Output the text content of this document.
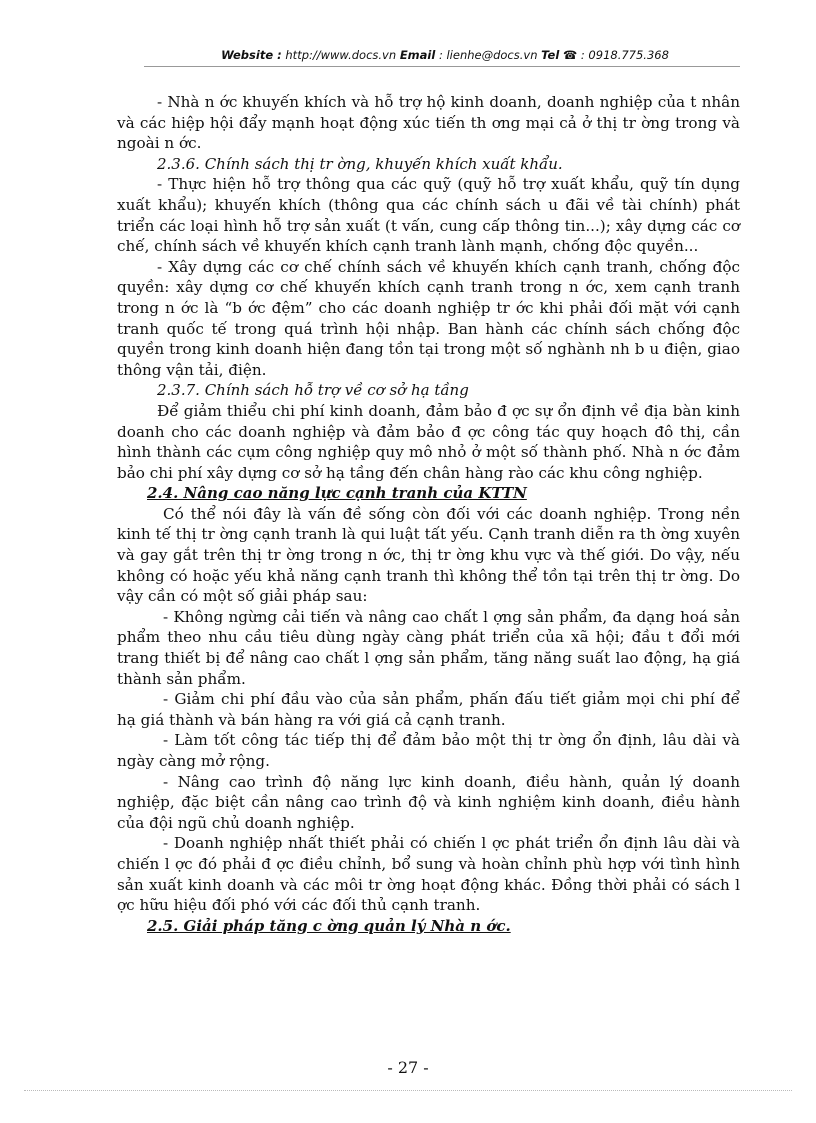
Website : http://www.docs.vn Email : lienhe@docs.vn Tel ☎ : 0918.775.368

- Nhà n ớc khuyến khích và hỗ trợ hộ kinh doanh, doanh nghiệp của t nhân và các hiệp hội đẩy mạnh hoạt động xúc tiến th ơng mại cả ở thị tr ờng trong và ngoài n ớc.

2.3.6. Chính sách thị tr ờng, khuyến khích xuất khẩu.

- Thực hiện hỗ trợ thông qua các quỹ (quỹ hỗ trợ xuất khẩu, quỹ tín dụng xuất khẩu); khuyến khích (thông qua các chính sách u đãi về tài chính) phát triển các loại hình hỗ trợ sản xuất (t vấn, cung cấp thông tin...); xây dựng các cơ chế, chính sách về khuyến khích cạnh tranh lành mạnh, chống độc quyền...

- Xây dựng các cơ chế chính sách về khuyến khích cạnh tranh, chống độc quyền: xây dựng cơ chế khuyến khích cạnh tranh trong n ớc, xem cạnh tranh trong n ớc là “b ớc đệm” cho các doanh nghiệp tr ớc khi phải đối mặt với cạnh tranh quốc tế trong quá trình hội nhập. Ban hành các chính sách chống độc quyền trong kinh doanh hiện đang tồn tại trong một số nghành nh b u điện, giao thông vận tải, điện.

2.3.7. Chính sách hỗ trợ về cơ sở hạ tầng

Để giảm thiểu chi phí kinh doanh, đảm bảo đ ợc sự ổn định về địa bàn kinh doanh cho các doanh nghiệp và đảm bảo đ ợc công tác quy hoạch đô thị, cần hình thành các cụm công nghiệp quy mô nhỏ ở một số thành phố. Nhà n ớc đảm bảo chi phí xây dựng cơ sở hạ tầng đến chân hàng rào các khu công nghiệp.

2.4. Nâng cao năng lực cạnh tranh của KTTN

Có thể nói đây là vấn đề sống còn đối với các doanh nghiệp. Trong nền kinh tế thị tr ờng cạnh tranh là qui luật tất yếu. Cạnh tranh diễn ra th ờng xuyên và gay gắt trên thị tr ờng trong n ớc, thị tr ờng khu vực và thế giới. Do vậy, nếu không có hoặc yếu khả năng cạnh tranh thì không thể tồn tại trên thị tr ờng. Do vậy cần có một số giải pháp sau:

- Không ngừng cải tiến và nâng cao chất l ợng sản phẩm, đa dạng hoá sản phẩm theo nhu cầu tiêu dùng ngày càng phát triển của xã hội; đầu t đổi mới trang thiết bị để nâng cao chất l ợng sản phẩm, tăng năng suất lao động, hạ giá thành sản phẩm.

- Giảm chi phí đầu vào của sản phẩm, phấn đấu tiết giảm mọi chi phí để hạ giá thành và bán hàng ra với giá cả cạnh tranh.

- Làm tốt công tác tiếp thị để đảm bảo một thị tr ờng ổn định, lâu dài và ngày càng mở rộng.

- Nâng cao trình độ năng lực kinh doanh, điều hành, quản lý doanh nghiệp, đặc biệt cần nâng cao trình độ và kinh nghiệm kinh doanh, điều hành của đội ngũ chủ doanh nghiệp.

- Doanh nghiệp nhất thiết phải có chiến l ợc phát triển ổn định lâu dài và chiến l ợc đó phải đ ợc điều chỉnh, bổ sung và hoàn chỉnh phù hợp với tình hình sản xuất kinh doanh và các môi tr ờng hoạt động khác. Đồng thời phải có sách l ợc hữu hiệu đối phó với các đối thủ cạnh tranh.

2.5. Giải pháp tăng c ờng quản lý Nhà n ớc.

- 27 -
